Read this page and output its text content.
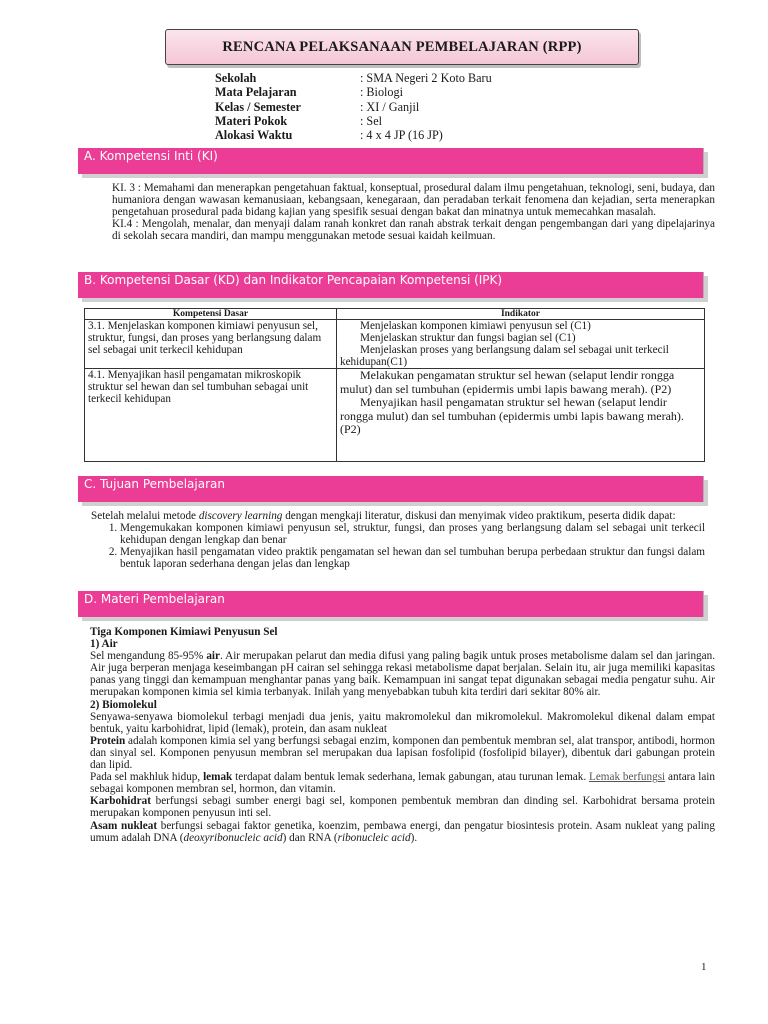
RENCANA PELAKSANAAN PEMBELAJARAN (RPP)
Sekolah	: SMA Negeri 2 Koto Baru
Mata Pelajaran	: Biologi
Kelas / Semester	: XI / Ganjil
Materi Pokok	: Sel
Alokasi Waktu	: 4 x 4 JP (16 JP)
A. Kompetensi Inti (KI)

KI. 3 : Memahami dan menerapkan pengetahuan faktual, konseptual, prosedural dalam ilmu pengetahuan, teknologi, seni, budaya, dan humaniora dengan wawasan kemanusiaan, kebangsaan, kenegaraan, dan peradaban terkait fenomena dan kejadian, serta menerapkan pengetahuan prosedural pada bidang kajian yang spesifik sesuai dengan bakat dan minatnya untuk memecahkan masalah.

KI.4 : Mengolah, menalar, dan menyaji dalam ranah konkret dan ranah abstrak terkait dengan pengembangan dari yang dipelajarinya di sekolah secara mandiri, dan mampu menggunakan metode sesuai kaidah keilmuan.

B. Kompetensi Dasar (KD) dan Indikator Pencapaian Kompetensi (IPK)
Kompetensi Dasar	Indikator
3.1. Menjelaskan komponen kimiawi penyusun sel, struktur, fungsi, dan proses yang berlangsung dalam sel sebagai unit terkecil kehidupan	Menjelaskan komponen kimiawi penyusun sel (C1)

Menjelaskan struktur dan fungsi bagian sel (C1)

Menjelaskan proses yang berlangsung dalam sel sebagai unit terkecil kehidupan(C1)

4.1. Menyajikan hasil pengamatan mikroskopik struktur sel hewan dan sel tumbuhan sebagai unit terkecil kehidupan	Melakukan pengamatan struktur sel hewan (selaput lendir rongga mulut) dan sel tumbuhan (epidermis umbi lapis bawang merah). (P2)

Menyajikan hasil pengamatan struktur sel hewan (selaput lendir rongga mulut) dan sel tumbuhan (epidermis umbi lapis bawang merah). (P2)

C. Tujuan Pembelajaran
Setelah melalui metode discovery learning dengan mengkaji literatur, diskusi dan menyimak video praktikum, peserta didik dapat:
1. Mengemukakan komponen kimiawi penyusun sel, struktur, fungsi, dan proses yang berlangsung dalam sel sebagai unit terkecil kehidupan dengan lengkap dan benar
2. Menyajikan hasil pengamatan video praktik pengamatan sel hewan dan sel tumbuhan berupa perbedaan struktur dan fungsi dalam bentuk laporan sederhana dengan jelas dan lengkap
D. Materi Pembelajaran

Tiga Komponen Kimiawi Penyusun Sel

1) Air

Sel mengandung 85-95% air. Air merupakan pelarut dan media difusi yang paling bagik untuk proses metabolisme dalam sel dan jaringan. Air juga berperan menjaga keseimbangan pH cairan sel sehingga rekasi metabolisme dapat berjalan. Selain itu, air juga memiliki kapasitas panas yang tinggi dan kemampuan menghantar panas yang baik. Kemampuan ini sangat tepat digunakan sebagai media pengatur suhu. Air merupakan komponen kimia sel kimia terbanyak. Inilah yang menyebabkan tubuh kita terdiri dari sekitar 80% air.

2) Biomolekul

Senyawa-senyawa biomolekul terbagi menjadi dua jenis, yaitu makromolekul dan mikromolekul. Makromolekul dikenal dalam empat bentuk, yaitu karbohidrat, lipid (lemak), protein, dan asam nukleat

Protein adalah komponen kimia sel yang berfungsi sebagai enzim, komponen dan pembentuk membran sel, alat transpor, antibodi, hormon dan sinyal sel. Komponen penyusun membran sel merupakan dua lapisan fosfolipid (fosfolipid bilayer), dibentuk dari gabungan protein dan lipid.

Pada sel makhluk hidup, lemak terdapat dalam bentuk lemak sederhana, lemak gabungan, atau turunan lemak. Lemak berfungsi antara lain sebagai komponen membran sel, hormon, dan vitamin.

Karbohidrat berfungsi sebagi sumber energi bagi sel, komponen pembentuk membran dan dinding sel. Karbohidrat bersama protein merupakan komponen penyusun inti sel.

Asam nukleat berfungsi sebagai faktor genetika, koenzim, pembawa energi, dan pengatur biosintesis protein. Asam nukleat yang paling umum adalah DNA (deoxyribonucleic acid) dan RNA (ribonucleic acid).

1
